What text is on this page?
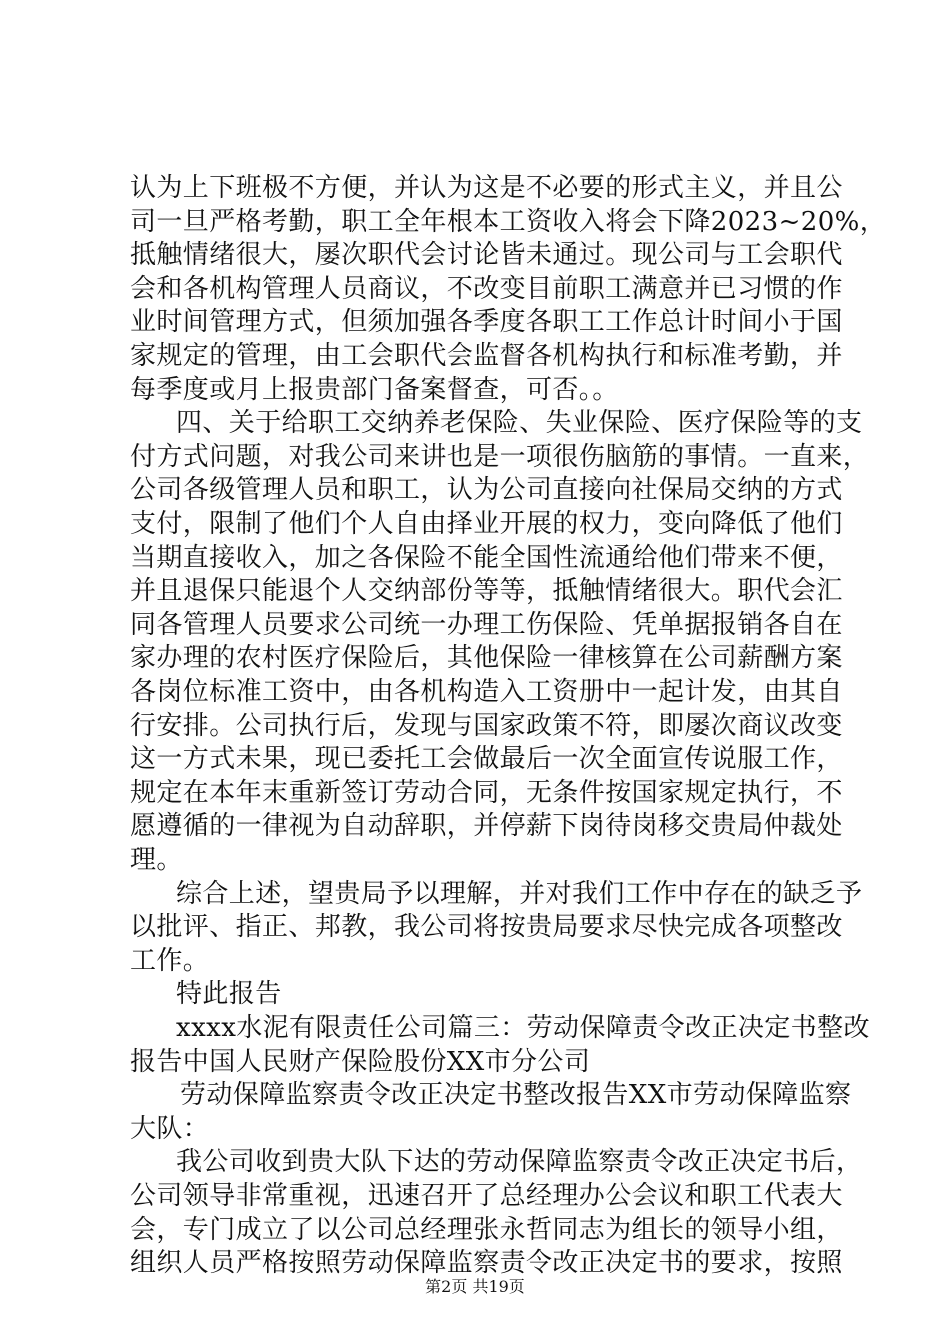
认为上下班极不方便，并认为这是不必要的形式主义，并且公
司一旦严格考勤，职工全年根本工资收入将会下降2023~20%，
抵触情绪很大，屡次职代会讨论皆未通过。现公司与工会职代
会和各机构管理人员商议，不改变目前职工满意并已习惯的作
业时间管理方式，但须加强各季度各职工工作总计时间小于国
家规定的管理，由工会职代会监督各机构执行和标准考勤，并
每季度或月上报贵部门备案督查，可否。。
四、关于给职工交纳养老保险、失业保险、医疗保险等的支
付方式问题，对我公司来讲也是一项很伤脑筋的事情。一直来，
公司各级管理人员和职工，认为公司直接向社保局交纳的方式
支付，限制了他们个人自由择业开展的权力，变向降低了他们
当期直接收入，加之各保险不能全国性流通给他们带来不便，
并且退保只能退个人交纳部份等等，抵触情绪很大。职代会汇
同各管理人员要求公司统一办理工伤保险、凭单据报销各自在
家办理的农村医疗保险后，其他保险一律核算在公司薪酬方案
各岗位标准工资中，由各机构造入工资册中一起计发，由其自
行安排。公司执行后，发现与国家政策不符，即屡次商议改变
这一方式未果，现已委托工会做最后一次全面宣传说服工作，
规定在本年末重新签订劳动合同，无条件按国家规定执行，不
愿遵循的一律视为自动辞职，并停薪下岗待岗移交贵局仲裁处
理。
综合上述，望贵局予以理解，并对我们工作中存在的缺乏予
以批评、指正、邦教，我公司将按贵局要求尽快完成各项整改
工作。
特此报告
xxxx水泥有限责任公司篇三：劳动保障责令改正决定书整改
报告中国人民财产保险股份XX市分公司
劳动保障监察责令改正决定书整改报告XX市劳动保障监察
大队：
我公司收到贵大队下达的劳动保障监察责令改正决定书后，
公司领导非常重视，迅速召开了总经理办公会议和职工代表大
会，专门成立了以公司总经理张永哲同志为组长的领导小组，
组织人员严格按照劳动保障监察责令改正决定书的要求，按照
第2页 共19页
